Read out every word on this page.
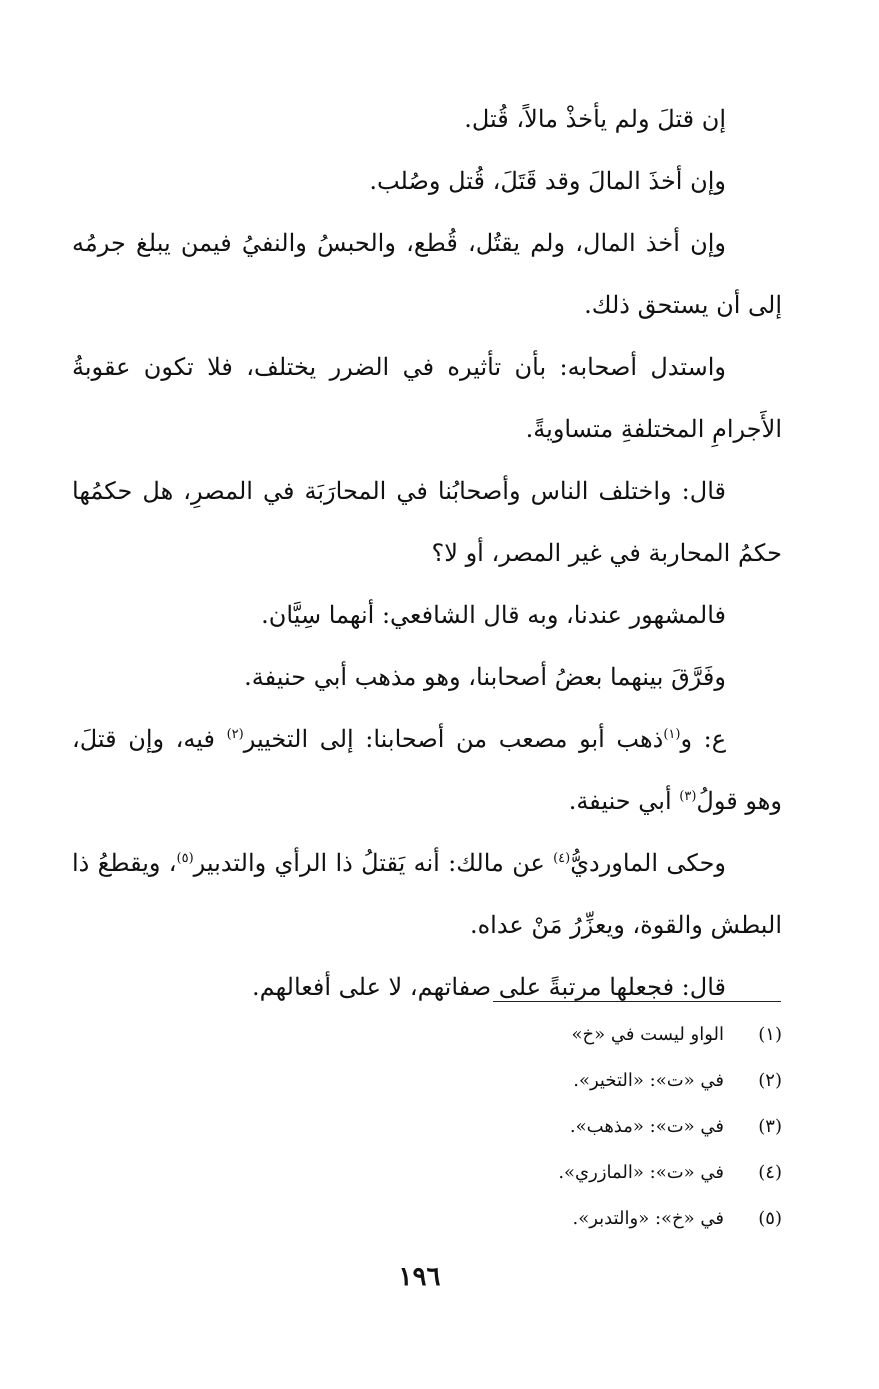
إن قتلَ ولم يأخذْ مالاً، قُتل.

وإن أخذَ المالَ وقد قَتَلَ، قُتل وصُلب.

وإن أخذ المال، ولم يقتُل، قُطع، والحبسُ والنفيُ فيمن يبلغ جرمُه إلى أن يستحق ذلك.

واستدل أصحابه: بأن تأثيره في الضرر يختلف، فلا تكون عقوبةُ الأَجرامِ المختلفةِ متساويةً.

قال: واختلف الناس وأصحابُنا في المحارَبَة في المصرِ، هل حكمُها حكمُ المحاربة في غير المصر، أو لا؟

فالمشهور عندنا، وبه قال الشافعي: أنهما سِيَّان.

وفَرَّقَ بينهما بعضُ أصحابنا، وهو مذهب أبي حنيفة.

ع: و$^{(١)}$ذهب أبو مصعب من أصحابنا: إلى التخيير$^{(٢)}$ فيه، وإن قتلَ، وهو قولُ$^{(٣)}$ أبي حنيفة.

وحكى الماورديُّ$^{(٤)}$ عن مالك: أنه يَقتلُ ذا الرأي والتدبير$^{(٥)}$، ويقطعُ ذا البطش والقوة، ويعزِّرُ مَنْ عداه.

قال: فجعلها مرتبةً على صفاتهم، لا على أفعالهم.

(١)
الواو ليست في «خ»
(٢)
في «ت»: «التخير».
(٣)
في «ت»: «مذهب».
(٤)
في «ت»: «المازري».
(٥)
في «خ»: «والتدبر».
١٩٦
